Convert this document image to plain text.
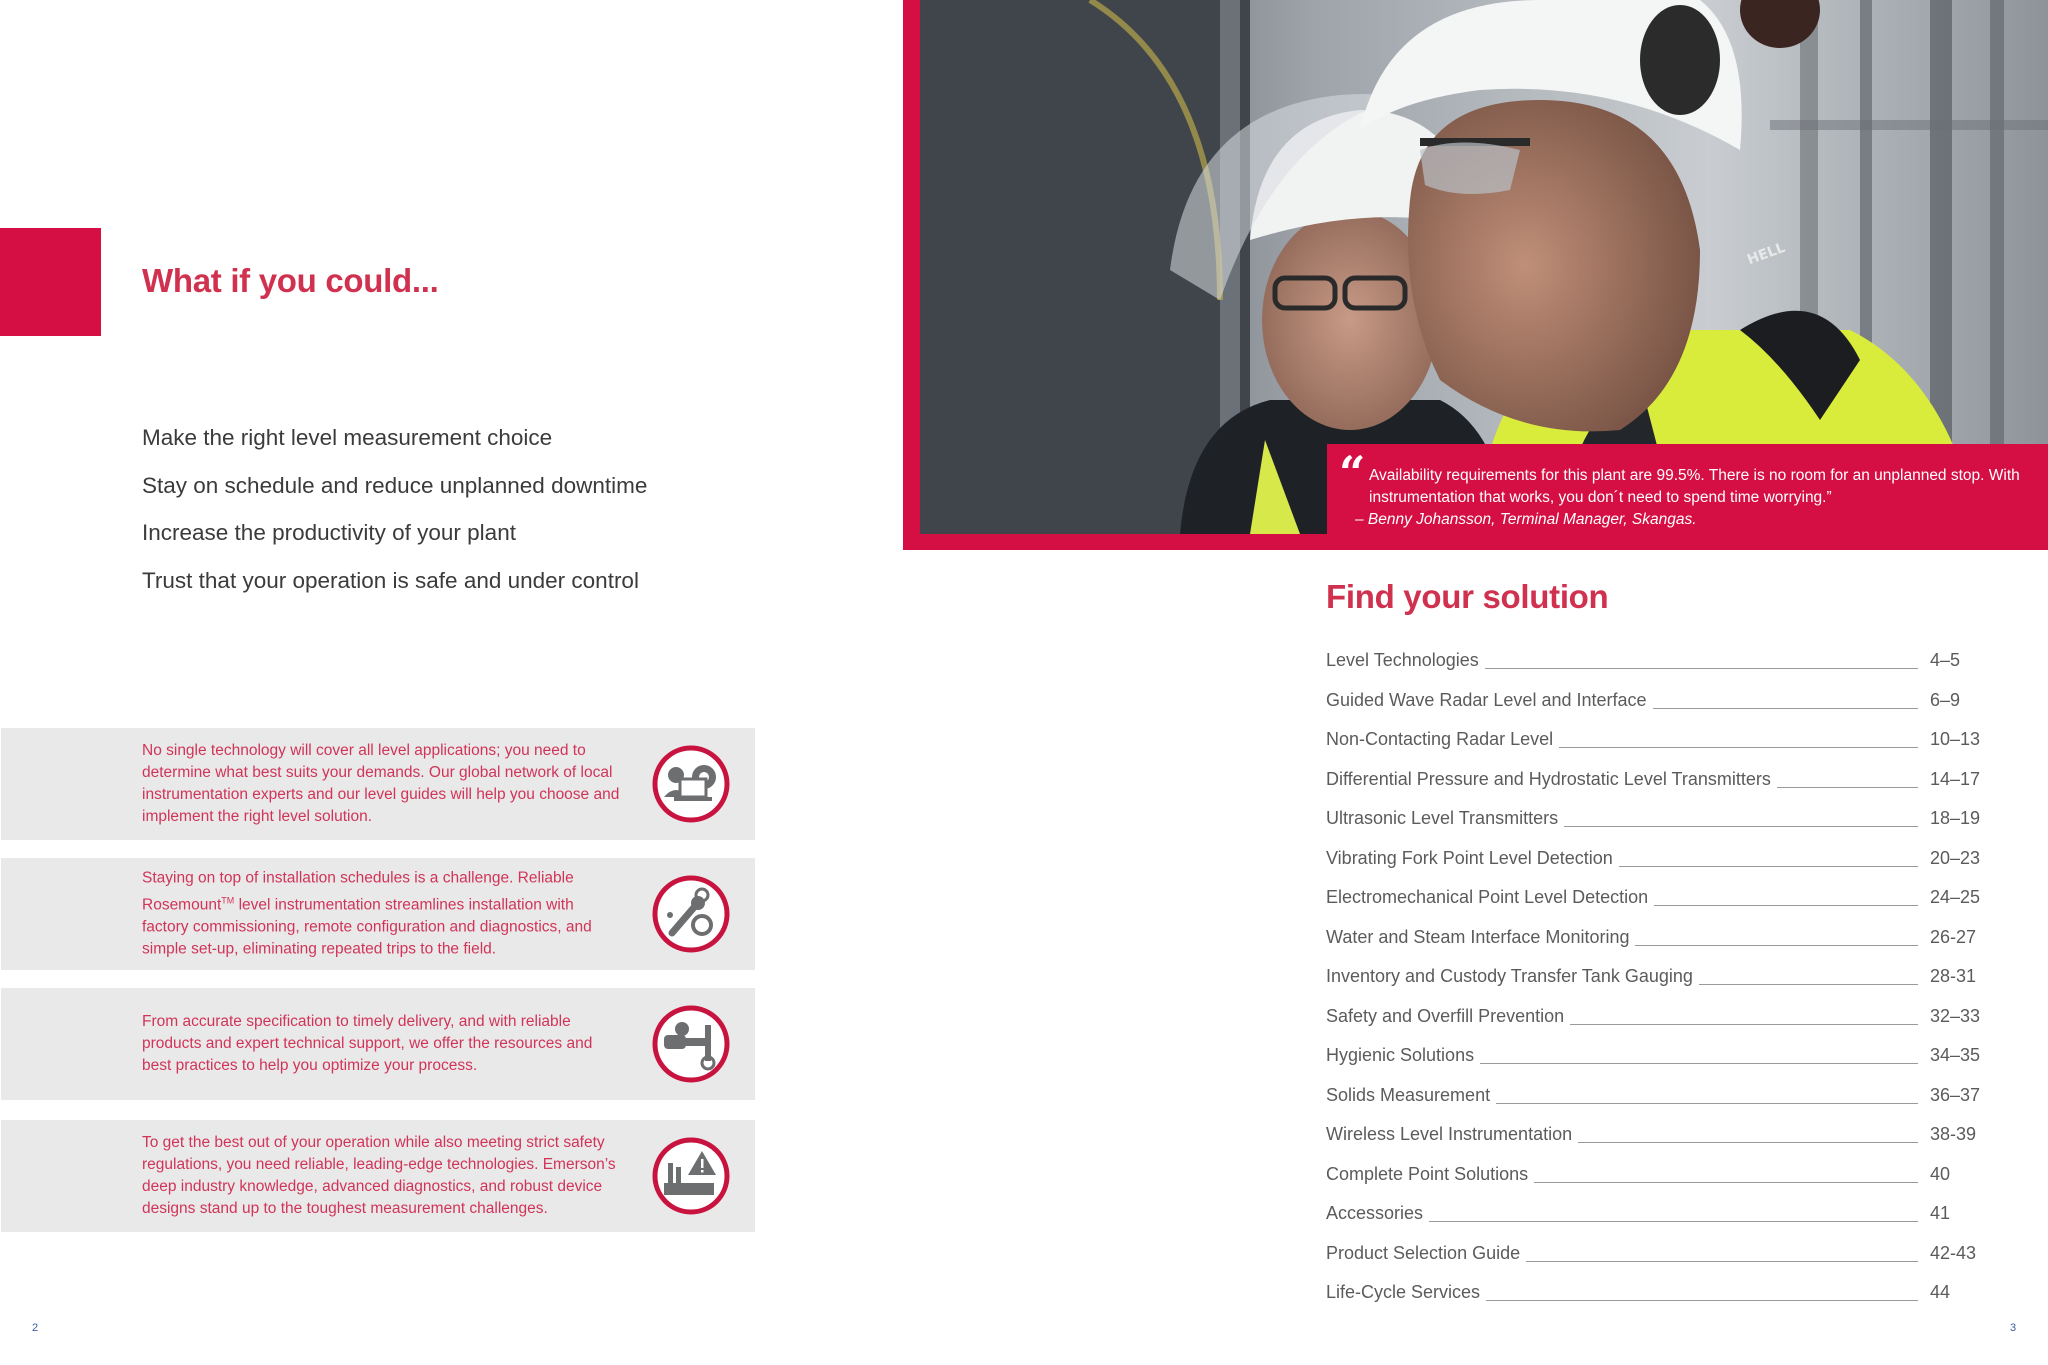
What if you could...
Make the right level measurement choice
Stay on schedule and reduce unplanned downtime
Increase the productivity of your plant
Trust that your operation is safe and under control

No single technology will cover all level applications; you need to determine what best suits your demands. Our global network of local instrumentation experts and our level guides will help you choose and implement the right level solution.

Staying on top of installation schedules is a challenge. Reliable Rosemount™ level instrumentation streamlines installation with factory commissioning, remote configuration and diagnostics, and simple set-up, eliminating repeated trips to the field.

From accurate specification to timely delivery, and with reliable products and expert technical support, we offer the resources and best practices to help you optimize your process.

To get the best out of your operation while also meeting strict safety regulations, you need reliable, leading-edge technologies. Emerson’s deep industry knowledge, advanced diagnostics, and robust device designs stand up to the toughest measurement challenges.

2
HELL
“ Availability requirements for this plant are 99.5%. There is no room for an unplanned stop. With instrumentation that works, you don´t need to spend time worrying.”
– Benny Johansson, Terminal Manager, Skangas.
Find your solution
Level Technologies	4–5
Guided Wave Radar Level and Interface	6–9
Non-Contacting Radar Level	10–13
Differential Pressure and Hydrostatic Level Transmitters	14–17
Ultrasonic Level Transmitters	18–19
Vibrating Fork Point Level Detection	20–23
Electromechanical Point Level Detection	24–25
Water and Steam Interface Monitoring	26-27
Inventory and Custody Transfer Tank Gauging	28-31
Safety and Overfill Prevention	32–33
Hygienic Solutions	34–35
Solids Measurement	36–37
Wireless Level Instrumentation	38-39
Complete Point Solutions	40
Accessories	41
Product Selection Guide	42-43
Life-Cycle Services	44
3
